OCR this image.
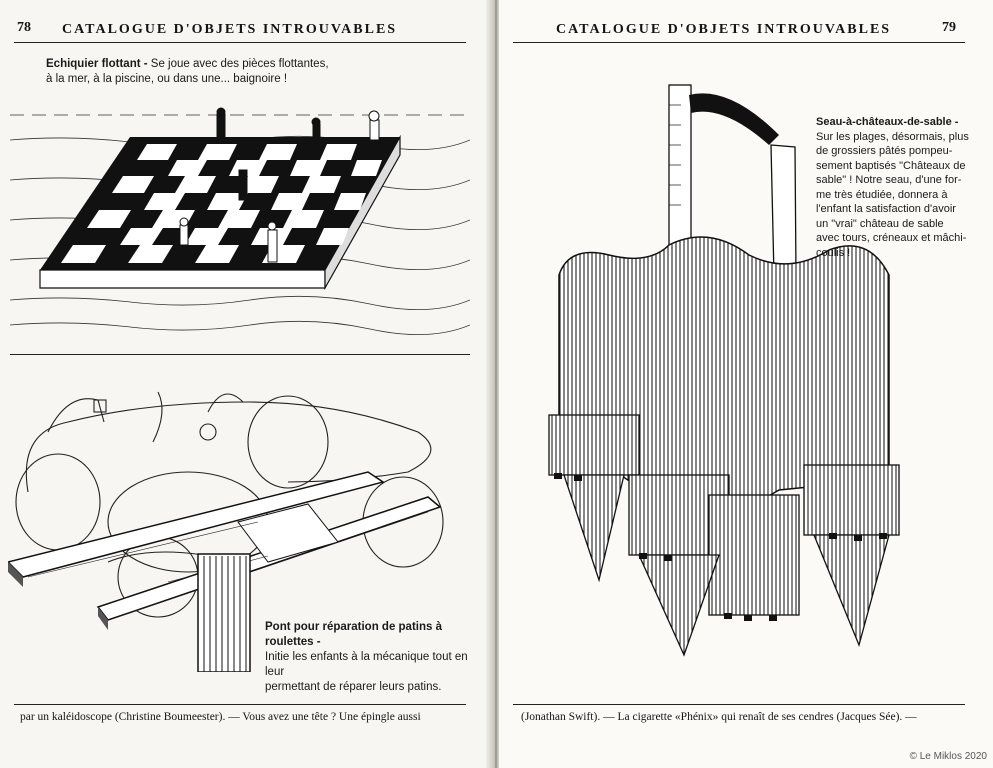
78 CATALOGUE D'OBJETS INTROUVABLES
Echiquier flottant - Se joue avec des pièces flottantes,
à la mer, à la piscine, ou dans une... baignoire !
Pont pour réparation de patins à roulettes -
Initie les enfants à la mécanique tout en leur
permettant de réparer leurs patins.
par un kaléidoscope (Christine Boumeester). — Vous avez une tête ? Une épingle aussi
CATALOGUE D'OBJETS INTROUVABLES	79
Seau-à-châteaux-de-sable -
Sur les plages, désormais, plus
de grossiers pâtés pompeu-
sement baptisés "Châteaux de
sable" ! Notre seau, d'une for-
me très étudiée, donnera à
l'enfant la satisfaction d'avoir
un "vrai" château de sable
avec tours, créneaux et mâchi-
coulis !
(Jonathan Swift). — La cigarette «Phénix» qui renaît de ses cendres (Jacques Sée). —
© Le Miklos 2020
